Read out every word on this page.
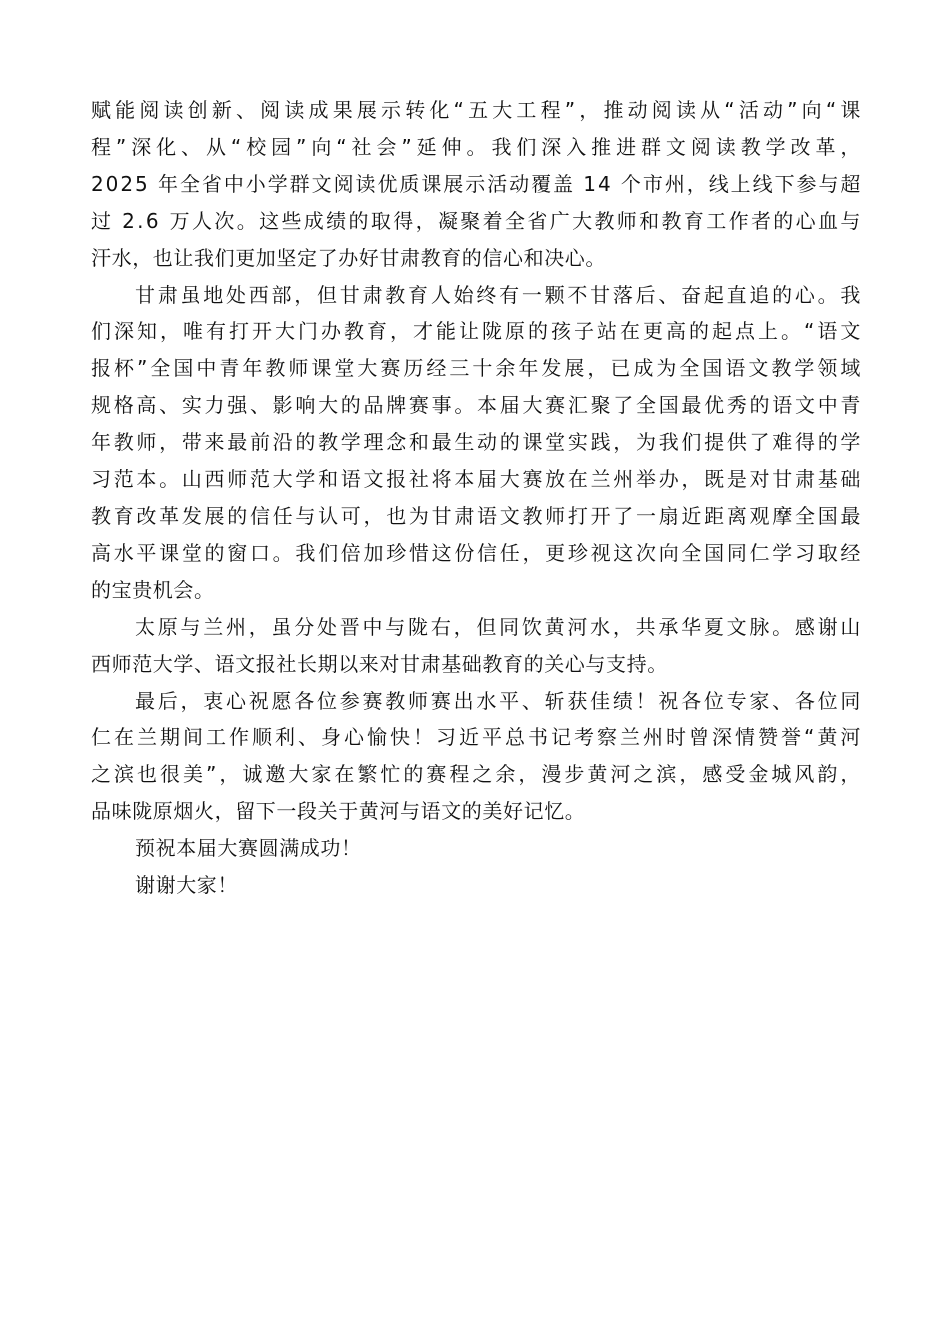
赋能阅读创新、阅读成果展示转化“五大工程”，推动阅读从“活动”向“课
程”深化、从“校园”向“社会”延伸。我们深入推进群文阅读教学改革，
2025 年全省中小学群文阅读优质课展示活动覆盖 14 个市州，线上线下参与超
过 2.6 万人次。这些成绩的取得，凝聚着全省广大教师和教育工作者的心血与
汗水，也让我们更加坚定了办好甘肃教育的信心和决心。

甘肃虽地处西部，但甘肃教育人始终有一颗不甘落后、奋起直追的心。我
们深知，唯有打开大门办教育，才能让陇原的孩子站在更高的起点上。“语文
报杯”全国中青年教师课堂大赛历经三十余年发展，已成为全国语文教学领域
规格高、实力强、影响大的品牌赛事。本届大赛汇聚了全国最优秀的语文中青
年教师，带来最前沿的教学理念和最生动的课堂实践，为我们提供了难得的学
习范本。山西师范大学和语文报社将本届大赛放在兰州举办，既是对甘肃基础
教育改革发展的信任与认可，也为甘肃语文教师打开了一扇近距离观摩全国最
高水平课堂的窗口。我们倍加珍惜这份信任，更珍视这次向全国同仁学习取经
的宝贵机会。

太原与兰州，虽分处晋中与陇右，但同饮黄河水，共承华夏文脉。感谢山
西师范大学、语文报社长期以来对甘肃基础教育的关心与支持。

最后，衷心祝愿各位参赛教师赛出水平、斩获佳绩！祝各位专家、各位同
仁在兰期间工作顺利、身心愉快！习近平总书记考察兰州时曾深情赞誉“黄河
之滨也很美”，诚邀大家在繁忙的赛程之余，漫步黄河之滨，感受金城风韵，
品味陇原烟火，留下一段关于黄河与语文的美好记忆。

预祝本届大赛圆满成功！

谢谢大家！
